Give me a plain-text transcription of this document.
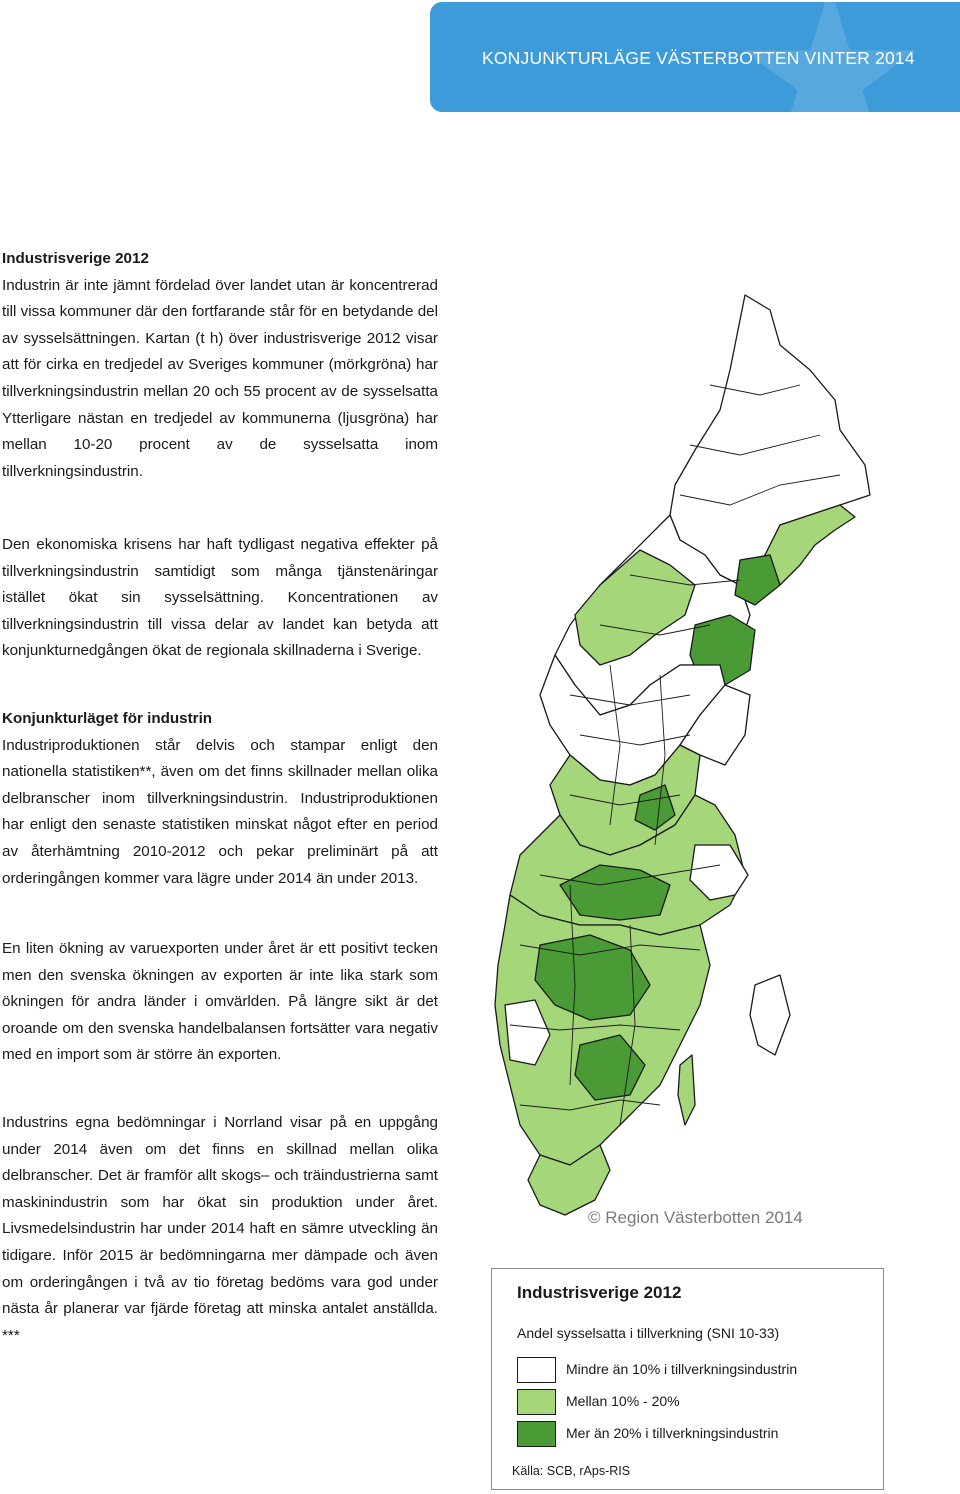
KONJUNKTURLÄGE VÄSTERBOTTEN VINTER 2014
Industrisverige 2012

Industrin är inte jämnt fördelad över landet utan är koncentrerad till vissa kommuner där den fortfarande står för en betydande del av sysselsättningen. Kartan (t h) över industrisverige 2012 visar att för cirka en tredjedel av Sveriges kommuner (mörkgröna) har tillverkningsindustrin mellan 20 och 55 procent av de sysselsatta Ytterligare nästan en tredjedel av kommunerna (ljusgröna) har mellan 10-20 procent av de sysselsatta inom tillverkningsindustrin.

Den ekonomiska krisens har haft tydligast negativa effekter på tillverkningsindustrin samtidigt som många tjänstenäringar istället ökat sin sysselsättning. Koncentrationen av tillverkningsindustrin till vissa delar av landet kan betyda att konjunkturnedgången ökat de regionala skillnaderna i Sverige.

Konjunkturläget för industrin

Industriproduktionen står delvis och stampar enligt den nationella statistiken**, även om det finns skillnader mellan olika delbranscher inom tillverkningsindustrin. Industriproduktionen har enligt den senaste statistiken minskat något efter en period av återhämtning 2010-2012 och pekar preliminärt på att orderingången kommer vara lägre under 2014 än under 2013.

En liten ökning av varuexporten under året är ett positivt tecken men den svenska ökningen av exporten är inte lika stark som ökningen för andra länder i omvärlden. På längre sikt är det oroande om den svenska handelbalansen fortsätter vara negativ med en import som är större än exporten.

Industrins egna bedömningar i Norrland visar på en uppgång under 2014 även om det finns en skillnad mellan olika delbranscher. Det är framför allt skogs– och träindustrierna samt maskinindustrin som har ökat sin produktion under året. Livsmedelsindustrin har under 2014 haft en sämre utveckling än tidigare. Inför 2015 är bedömningarna mer dämpade och även om orderingången i två av tio företag bedöms vara god under nästa år planerar var fjärde företag att minska antalet anställda. ***

© Region Västerbotten 2014
Industrisverige 2012
Andel sysselsatta i tillverkning (SNI 10-33)
Mindre än 10% i tillverkningsindustrin
Mellan 10% - 20%
Mer än 20% i tillverkningsindustrin
Källa: SCB, rAps-RIS
